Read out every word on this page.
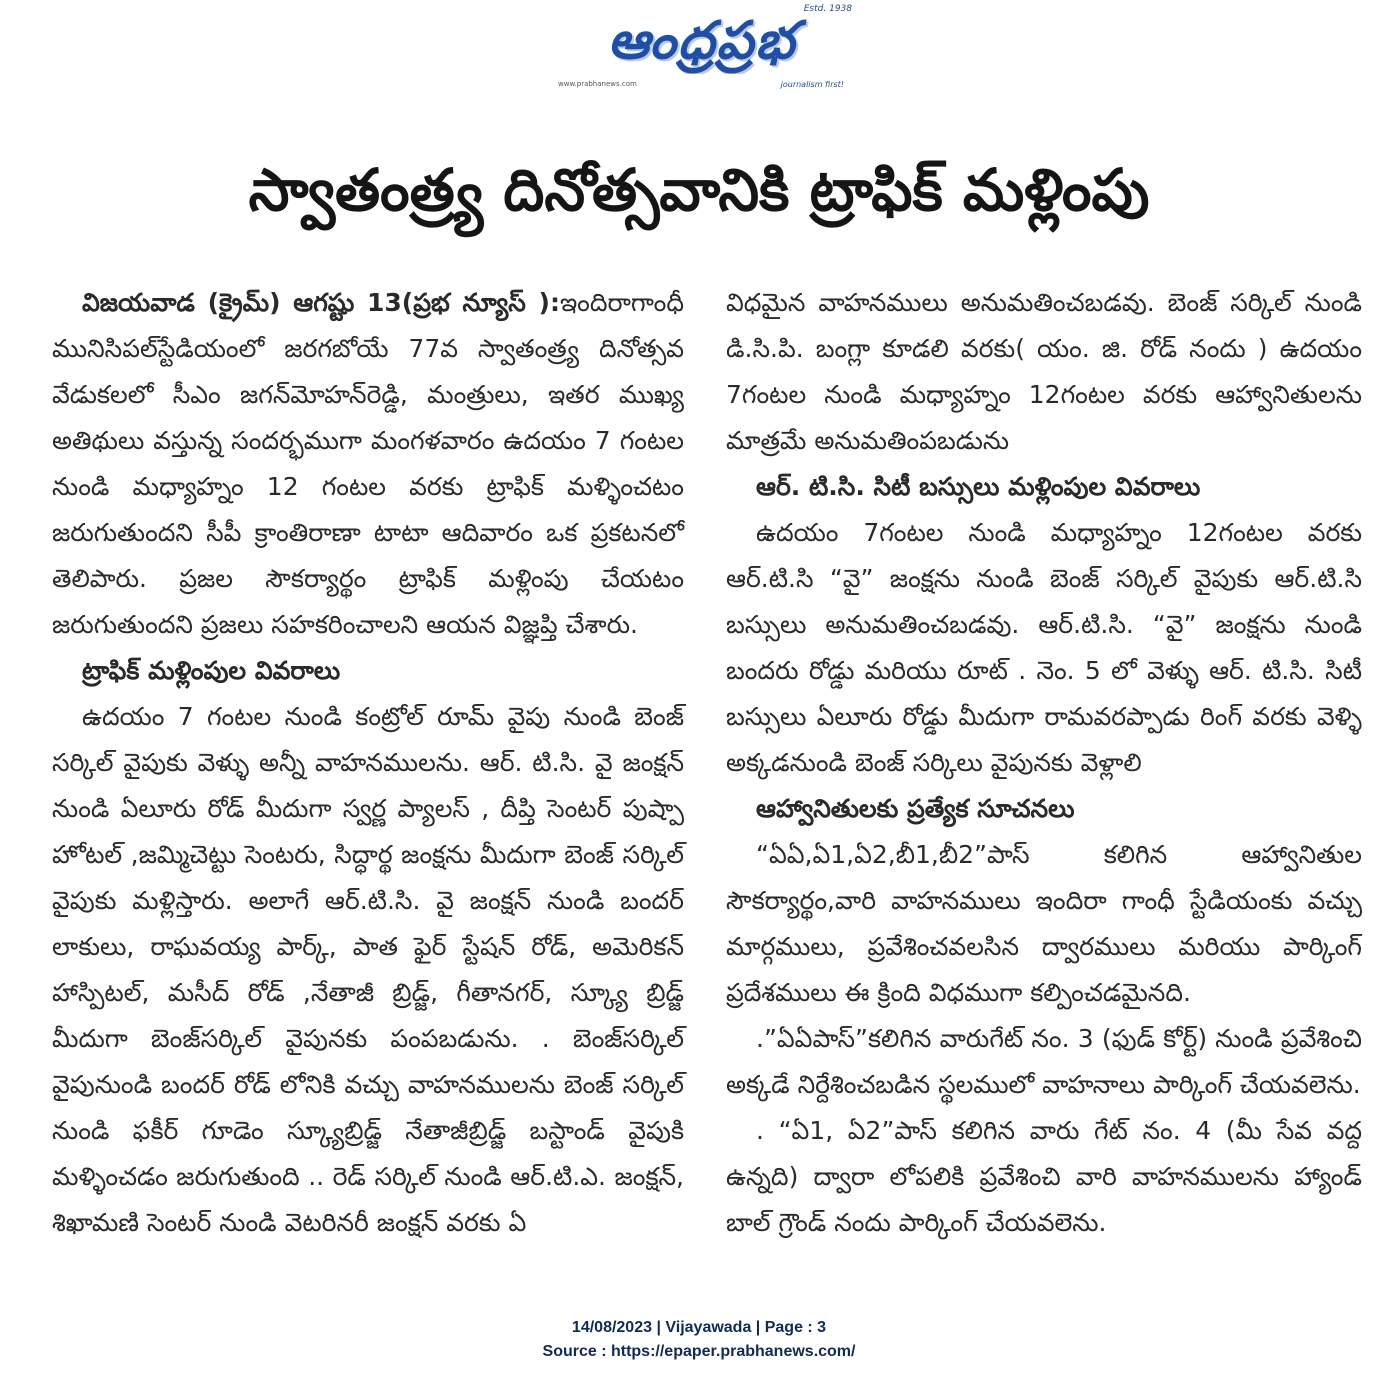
ఆంధ్రప్రభ
Estd. 1938
www.prabhanews.com	journalism first!
స్వాతంత్ర్య దినోత్సవానికి ట్రాఫిక్ మళ్లింపు

విజయవాడ (క్రైమ్) ఆగష్టు 13(ప్రభ న్యూస్ ):ఇందిరాగాంధీ మునిసిపల్‌స్టేడియంలో జరగబోయే 77వ స్వాతంత్ర్య దినోత్సవ వేడుకలలో సీఎం జగన్‌మోహన్‌రెడ్డి, మంత్రులు, ఇతర ముఖ్య అతిథులు వస్తున్న సందర్భముగా మంగళవారం ఉదయం 7 గంటల నుండి మధ్యాహ్నం 12 గంటల వరకు ట్రాఫిక్ మళ్ళించటం జరుగుతుందని సీపీ క్రాంతిరాణా టాటా ఆదివారం ఒక ప్రకటనలో తెలిపారు. ప్రజల సౌకర్యార్థం ట్రాఫిక్ మళ్లింపు చేయటం జరుగుతుందని ప్రజలు సహకరించాలని ఆయన విజ్ఞప్తి చేశారు.

ట్రాఫిక్ మళ్లింపుల వివరాలు

ఉదయం 7 గంటల నుండి కంట్రోల్ రూమ్ వైపు నుండి బెంజ్ సర్కిల్ వైపుకు వెళ్ళు అన్నీ వాహనములను. ఆర్. టి.సి. వై జంక్షన్ నుండి ఏలూరు రోడ్ మీదుగా స్వర్ణ ప్యాలస్ , దీప్తి సెంటర్ పుష్పా హోటల్ ,జమ్మిచెట్టు సెంటరు, సిద్ధార్థ జంక్షను మీదుగా బెంజ్ సర్కిల్ వైపుకు మళ్లిస్తారు. అలాగే ఆర్.టి.సి. వై జంక్షన్ నుండి బందర్ లాకులు, రాఘవయ్య పార్క్, పాత ఫైర్ స్టేషన్ రోడ్, అమెరికన్ హాస్పిటల్, మసీద్ రోడ్ ,నేతాజీ బ్రిడ్జ్, గీతానగర్, స్క్యూ బ్రిడ్జ్ మీదుగా బెంజ్‌సర్కిల్ వైపునకు పంపబడును. . బెంజ్‌సర్కిల్ వైపునుండి బందర్ రోడ్ లోనికి వచ్చు వాహనములను బెంజ్ సర్కిల్ నుండి ఫకీర్ గూడెం స్క్యూబ్రిడ్జ్ నేతాజీబ్రిడ్జ్ బస్టాండ్ వైపుకి మళ్ళించడం జరుగుతుంది .. రెడ్ సర్కిల్ నుండి ఆర్.టి.ఎ. జంక్షన్, శిఖామణి సెంటర్ నుండి వెటరినరీ జంక్షన్ వరకు ఏ

విధమైన వాహనములు అనుమతించబడవు. బెంజ్ సర్కిల్ నుండి డి.సి.పి. బంగ్లా కూడలి వరకు( యం. జి. రోడ్ నందు ) ఉదయం 7గంటల నుండి మధ్యాహ్నం 12గంటల వరకు ఆహ్వానితులను మాత్రమే అనుమతింపబడును

ఆర్. టి.సి. సిటీ బస్సులు మళ్లింపుల వివరాలు

ఉదయం 7గంటల నుండి మధ్యాహ్నం 12గంటల వరకు ఆర్.టి.సి “వై” జంక్షను నుండి బెంజ్ సర్కిల్ వైపుకు ఆర్.టి.సి బస్సులు అనుమతించబడవు. ఆర్.టి.సి. “వై” జంక్షను నుండి బందరు రోడ్డు మరియు రూట్ . నెం. 5 లో వెళ్ళు ఆర్. టి.సి. సిటీ బస్సులు ఏలూరు రోడ్డు మీదుగా రామవరప్పాడు రింగ్ వరకు వెళ్ళి అక్కడనుండి బెంజ్ సర్కిలు వైపునకు వెళ్లాలి

ఆహ్వానితులకు ప్రత్యేక సూచనలు

“ఏఏ,ఏ1,ఏ2,బీ1,బీ2”పాస్ కలిగిన ఆహ్వానితుల సౌకర్యార్థం,వారి వాహనములు ఇందిరా గాంధీ స్టేడియంకు వచ్చు మార్గములు, ప్రవేశించవలసిన ద్వారములు మరియు పార్కింగ్ ప్రదేశములు ఈ క్రింది విధముగా కల్పించడమైనది.

.”ఏఏపాస్”కలిగిన వారుగేట్ నం. 3 (ఫుడ్ కోర్ట్) నుండి ప్రవేశించి అక్కడే నిర్దేశించబడిన స్థలములో వాహనాలు పార్కింగ్ చేయవలెను.

. “ఏ1, ఏ2”పాస్ కలిగిన వారు గేట్ నం. 4 (మీ సేవ వద్ద ఉన్నది) ద్వారా లోపలికి ప్రవేశించి వారి వాహనములను హ్యాండ్ బాల్ గ్రౌండ్ నందు పార్కింగ్ చేయవలెను.

14/08/2023 | Vijayawada | Page : 3
Source : https://epaper.prabhanews.com/
